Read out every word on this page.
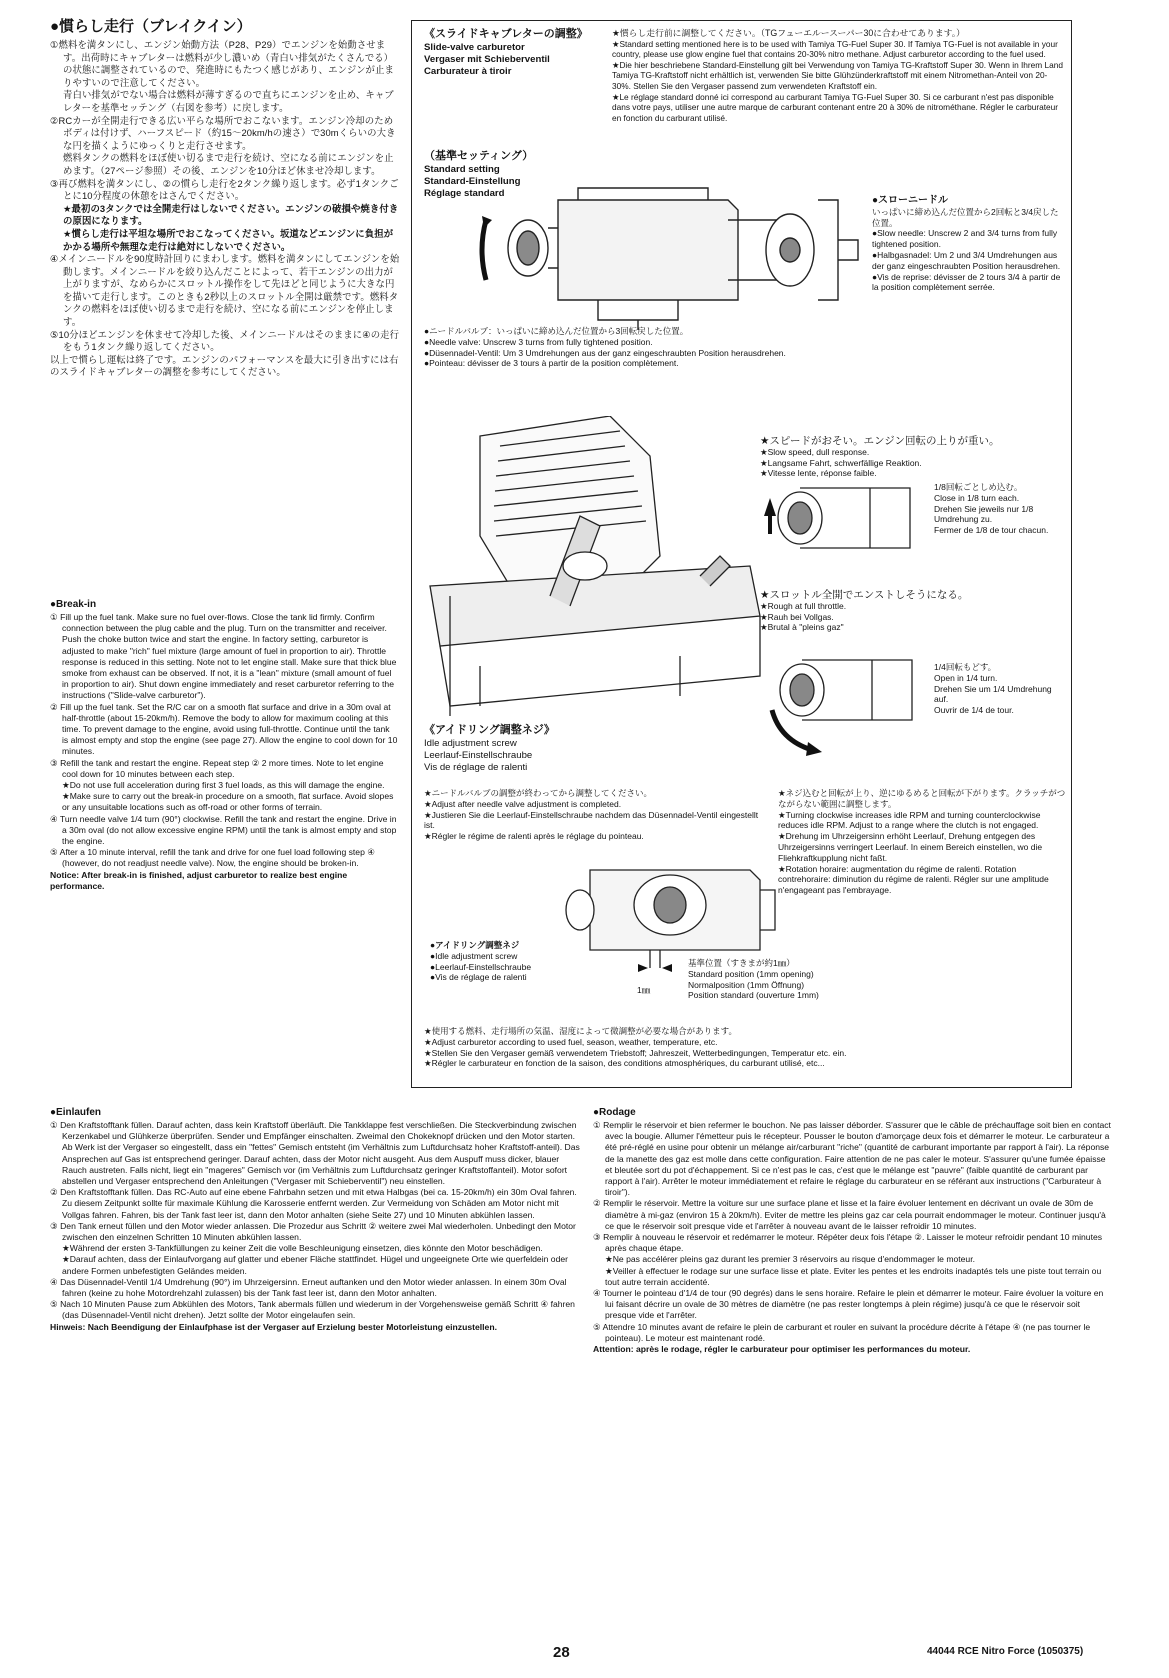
●慣らし走行（ブレイクイン）

①燃料を満タンにし、エンジン始動方法（P28、P29）でエンジンを始動させます。出荷時にキャブレターは燃料が少し濃いめ（青白い排気がたくさんでる）の状態に調整されているので、発進時にもたつく感じがあり、エンジンが止まりやすいので注意してください。

青白い排気がでない場合は燃料が薄すぎるので直ちにエンジンを止め、キャブレターを基準セッテング（右図を参考）に戻します。

②RCカーが全開走行できる広い平らな場所でおこないます。エンジン冷却のためボディは付けず、ハーフスピード（約15〜20km/hの速さ）で30mくらいの大きな円を描くようにゆっくりと走行させます。

燃料タンクの燃料をほぼ使い切るまで走行を続け、空になる前にエンジンを止めます。（27ページ参照）その後、エンジンを10分ほど休ませ冷却します。

③再び燃料を満タンにし、②の慣らし走行を2タンク繰り返します。必ず1タンクごとに10分程度の休憩をはさんでください。

★最初の3タンクでは全開走行はしないでください。エンジンの破損や焼き付きの原因になります。

★慣らし走行は平坦な場所でおこなってください。坂道などエンジンに負担がかかる場所や無理な走行は絶対にしないでください。

④メインニードルを90度時計回りにまわします。燃料を満タンにしてエンジンを始動します。メインニードルを絞り込んだことによって、若干エンジンの出力が上がりますが、なめらかにスロットル操作をして先ほどと同じように大きな円を描いて走行します。このときも2秒以上のスロットル全開は厳禁です。燃料タンクの燃料をほぼ使い切るまで走行を続け、空になる前にエンジンを停止します。

⑤10分ほどエンジンを休ませて冷却した後、メインニードルはそのままに④の走行をもう1タンク繰り返してください。

以上で慣らし運転は終了です。エンジンのパフォーマンスを最大に引き出すには右のスライドキャブレターの調整を参考にしてください。

●Break-in

① Fill up the fuel tank. Make sure no fuel over-flows. Close the tank lid firmly. Confirm connection between the plug cable and the plug. Turn on the transmitter and receiver. Push the choke button twice and start the engine. In factory setting, carburetor is adjusted to make "rich" fuel mixture (large amount of fuel in proportion to air). Throttle response is reduced in this setting. Note not to let engine stall. Make sure that thick blue smoke from exhaust can be observed. If not, it is a "lean" mixture (small amount of fuel in proportion to air). Shut down engine immediately and reset carburetor referring to the instructions ("Slide-valve carburetor").

② Fill up the fuel tank. Set the R/C car on a smooth flat surface and drive in a 30m oval at half-throttle (about 15-20km/h). Remove the body to allow for maximum cooling at this time. To prevent damage to the engine, avoid using full-throttle. Continue until the tank is almost empty and stop the engine (see page 27). Allow the engine to cool down for 10 minutes.

③ Refill the tank and restart the engine. Repeat step ② 2 more times. Note to let engine cool down for 10 minutes between each step.

★Do not use full acceleration during first 3 fuel loads, as this will damage the engine.

★Make sure to carry out the break-in procedure on a smooth, flat surface. Avoid slopes or any unsuitable locations such as off-road or other forms of terrain.

④ Turn needle valve 1/4 turn (90°) clockwise. Refill the tank and restart the engine. Drive in a 30m oval (do not allow excessive engine RPM) until the tank is almost empty and stop the engine.

⑤ After a 10 minute interval, refill the tank and drive for one fuel load following step ④ (however, do not readjust needle valve). Now, the engine should be broken-in.

Notice: After break-in is finished, adjust carburetor to realize best engine performance.

《スライドキャブレターの調整》

Slide-valve carburetor

Vergaser mit Schieberventil

Carburateur à tiroir

★慣らし走行前に調整してください。（TGフューエルースーパー30に合わせてあります。）

★Standard setting mentioned here is to be used with Tamiya TG-Fuel Super 30. If Tamiya TG-Fuel is not available in your country, please use glow engine fuel that contains 20-30% nitro methane. Adjust carburetor according to the fuel used.

★Die hier beschriebene Standard-Einstellung gilt bei Verwendung von Tamiya TG-Kraftstoff Super 30. Wenn in Ihrem Land Tamiya TG-Kraftstoff nicht erhältlich ist, verwenden Sie bitte Glühzünderkraftstoff mit einem Nitromethan-Anteil von 20-30%. Stellen Sie den Vergaser passend zum verwendeten Kraftstoff ein.

★Le réglage standard donné ici correspond au carburant Tamiya TG-Fuel Super 30. Si ce carburant n'est pas disponible dans votre pays, utiliser une autre marque de carburant contenant entre 20 à 30% de nitrométhane. Régler le carburateur en fonction du carburant utilisé.

（基準セッティング）

Standard setting

Standard-Einstellung

Réglage standard

●スローニードル

いっぱいに締め込んだ位置から2回転と3/4戻した位置。

●Slow needle: Unscrew 2 and 3/4 turns from fully tightened position.

●Halbgasnadel: Um 2 und 3/4 Umdrehungen aus der ganz eingeschraubten Position herausdrehen.

●Vis de reprise: dévisser de 2 tours 3/4 à partir de la position complètement serrée.

●ニードルバルブ：いっぱいに締め込んだ位置から3回転戻した位置。

●Needle valve: Unscrew 3 turns from fully tightened position.

●Düsennadel-Ventil: Um 3 Umdrehungen aus der ganz eingeschraubten Position herausdrehen.

●Pointeau: dévisser de 3 tours à partir de la position complètement.

★スピードがおそい。エンジン回転の上りが重い。

★Slow speed, dull response.

★Langsame Fahrt, schwerfällige Reaktion.

★Vitesse lente, réponse faible.

1/8回転ごとしめ込む。

Close in 1/8 turn each.

Drehen Sie jeweils nur 1/8 Umdrehung zu.

Fermer de 1/8 de tour chacun.

★スロットル全開でエンストしそうになる。

★Rough at full throttle.

★Rauh bei Vollgas.

★Brutal à "pleins gaz"

1/4回転もどす。

Open in 1/4 turn.

Drehen Sie um 1/4 Umdrehung auf.

Ouvrir de 1/4 de tour.

《アイドリング調整ネジ》

Idle adjustment screw

Leerlauf-Einstellschraube

Vis de réglage de ralenti

★ニードルバルブの調整が終わってから調整してください。

★Adjust after needle valve adjustment is completed.

★Justieren Sie die Leerlauf-Einstellschraube nachdem das Düsennadel-Ventil eingestellt ist.

★Régler le régime de ralenti après le réglage du pointeau.

★ネジ込むと回転が上り、逆にゆるめると回転が下がります。クラッチがつながらない範囲に調整します。

★Turning clockwise increases idle RPM and turning counterclockwise reduces idle RPM. Adjust to a range where the clutch is not engaged.

★Drehung im Uhrzeigersinn erhöht Leerlauf, Drehung entgegen des Uhrzeigersinns verringert Leerlauf. In einem Bereich einstellen, wo die Fliehkraftkupplung nicht faßt.

★Rotation horaire: augmentation du régime de ralenti. Rotation contrehoraire: diminution du régime de ralenti. Régler sur une amplitude n'engageant pas l'embrayage.

●アイドリング調整ネジ

●Idle adjustment screw

●Leerlauf-Einstellschraube

●Vis de réglage de ralenti

1㎜

基準位置（すきまが約1㎜）

Standard position (1mm opening)

Normalposition (1mm Öffnung)

Position standard (ouverture 1mm)

★使用する燃料、走行場所の気温、湿度によって微調整が必要な場合があります。

★Adjust carburetor according to used fuel, season, weather, temperature, etc.

★Stellen Sie den Vergaser gemäß verwendetem Triebstoff; Jahreszeit, Wetterbedingungen, Temperatur etc. ein.

★Régler le carburateur en fonction de la saison, des conditions atmosphériques, du carburant utilisé, etc...

●Einlaufen

① Den Kraftstofftank füllen. Darauf achten, dass kein Kraftstoff überläuft. Die Tankklappe fest verschließen. Die Steckverbindung zwischen Kerzenkabel und Glühkerze überprüfen. Sender und Empfänger einschalten. Zweimal den Chokeknopf drücken und den Motor starten. Ab Werk ist der Vergaser so eingestellt, dass ein "fettes" Gemisch entsteht (im Verhältnis zum Luftdurchsatz hoher Kraftstoff-anteil). Das Ansprechen auf Gas ist entsprechend geringer. Darauf achten, dass der Motor nicht ausgeht. Aus dem Auspuff muss dicker, blauer Rauch austreten. Falls nicht, liegt ein "mageres" Gemisch vor (im Verhältnis zum Luftdurchsatz geringer Kraftstoffanteil). Motor sofort abstellen und Vergaser entsprechend den Anleitungen ("Vergaser mit Schieberventil") neu einstellen.

② Den Kraftstofftank füllen. Das RC-Auto auf eine ebene Fahrbahn setzen und mit etwa Halbgas (bei ca. 15-20km/h) ein 30m Oval fahren. Zu diesem Zeitpunkt sollte für maximale Kühlung die Karosserie entfernt werden. Zur Vermeidung von Schäden am Motor nicht mit Vollgas fahren. Fahren, bis der Tank fast leer ist, dann den Motor anhalten (siehe Seite 27) und 10 Minuten abkühlen lassen.

③ Den Tank erneut füllen und den Motor wieder anlassen. Die Prozedur aus Schritt ② weitere zwei Mal wiederholen. Unbedingt den Motor zwischen den einzelnen Schritten 10 Minuten abkühlen lassen.

★Während der ersten 3-Tankfüllungen zu keiner Zeit die volle Beschleunigung einsetzen, dies könnte den Motor beschädigen.

★Darauf achten, dass der Einlaufvorgang auf glatter und ebener Fläche stattfindet. Hügel und ungeeignete Orte wie querfeldein oder andere Formen unbefestigten Geländes meiden.

④ Das Düsennadel-Ventil 1/4 Umdrehung (90°) im Uhrzeigersinn. Erneut auftanken und den Motor wieder anlassen. In einem 30m Oval fahren (keine zu hohe Motordrehzahl zulassen) bis der Tank fast leer ist, dann den Motor anhalten.

⑤ Nach 10 Minuten Pause zum Abkühlen des Motors, Tank abermals füllen und wiederum in der Vorgehensweise gemäß Schritt ④ fahren (das Düsennadel-Ventil nicht drehen). Jetzt sollte der Motor eingelaufen sein.

Hinweis: Nach Beendigung der Einlaufphase ist der Vergaser auf Erzielung bester Motorleistung einzustellen.

●Rodage

① Remplir le réservoir et bien refermer le bouchon. Ne pas laisser déborder. S'assurer que le câble de préchauffage soit bien en contact avec la bougie. Allumer l'émetteur puis le récepteur. Pousser le bouton d'amorçage deux fois et démarrer le moteur. Le carburateur a été pré-réglé en usine pour obtenir un mélange air/carburant "riche" (quantité de carburant importante par rapport à l'air). La réponse de la manette des gaz est molle dans cette configuration. Faire attention de ne pas caler le moteur. S'assurer qu'une fumée épaisse et bleutée sort du pot d'échappement. Si ce n'est pas le cas, c'est que le mélange est "pauvre" (faible quantité de carburant par rapport à l'air). Arrêter le moteur immédiatement et refaire le réglage du carburateur en se référant aux instructions ("Carburateur à tiroir").

② Remplir le réservoir. Mettre la voiture sur une surface plane et lisse et la faire évoluer lentement en décrivant un ovale de 30m de diamètre à mi-gaz (environ 15 à 20km/h). Eviter de mettre les pleins gaz car cela pourrait endommager le moteur. Continuer jusqu'à ce que le réservoir soit presque vide et l'arrêter à nouveau avant de le laisser refroidir 10 minutes.

③ Remplir à nouveau le réservoir et redémarrer le moteur. Répéter deux fois l'étape ②. Laisser le moteur refroidir pendant 10 minutes après chaque étape.

★Ne pas accélérer pleins gaz durant les premier 3 réservoirs au risque d'endommager le moteur.

★Veiller à effectuer le rodage sur une surface lisse et plate. Eviter les pentes et les endroits inadaptés tels une piste tout terrain ou tout autre terrain accidenté.

④ Tourner le pointeau d'1/4 de tour (90 degrés) dans le sens horaire. Refaire le plein et démarrer le moteur. Faire évoluer la voiture en lui faisant décrire un ovale de 30 mètres de diamètre (ne pas rester longtemps à plein régime) jusqu'à ce que le réservoir soit presque vide et l'arrêter.

⑤ Attendre 10 minutes avant de refaire le plein de carburant et rouler en suivant la procédure décrite à l'étape ④ (ne pas tourner le pointeau). Le moteur est maintenant rodé.

Attention: après le rodage, régler le carburateur pour optimiser les performances du moteur.

28	44044 RCE Nitro Force (1050375)
